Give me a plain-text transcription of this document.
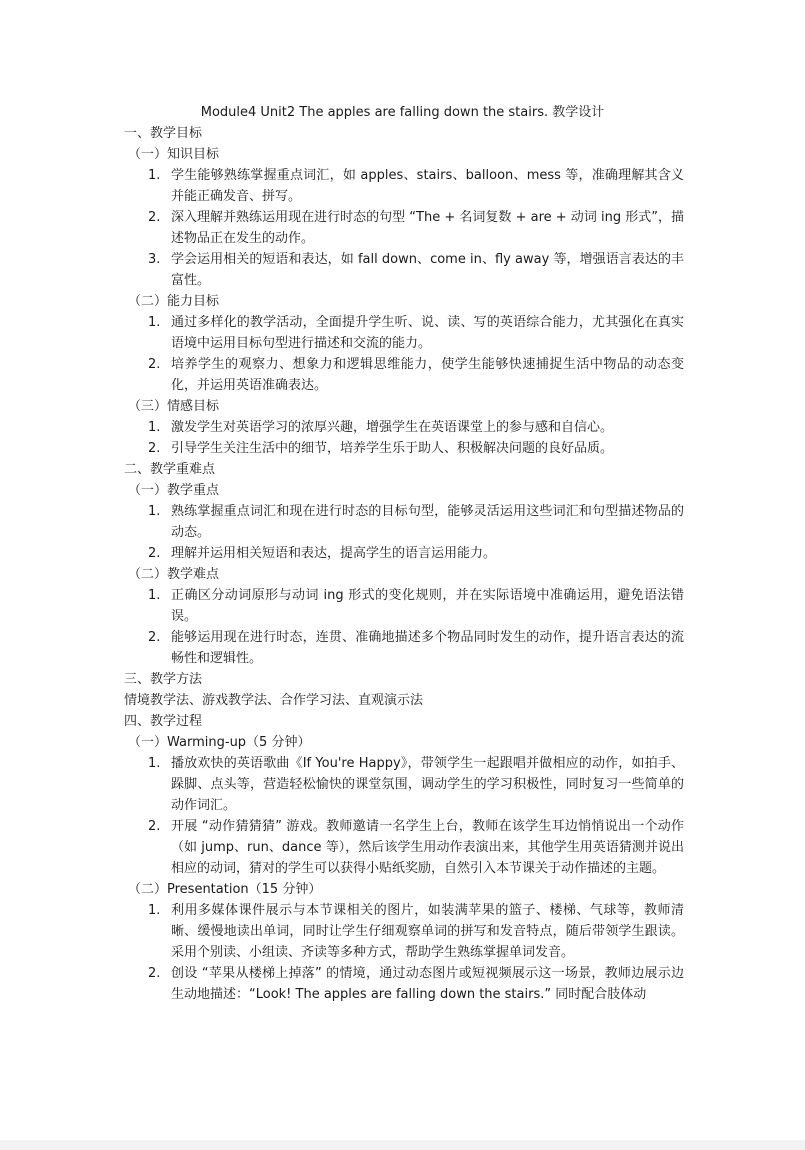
Module4 Unit2 The apples are falling down the stairs. 教学设计
一、教学目标
（一）知识目标
1. 学生能够熟练掌握重点词汇，如 apples、stairs、balloon、mess 等，准确理解其含义并能正确发音、拼写。
2. 深入理解并熟练运用现在进行时态的句型 “The + 名词复数 + are + 动词 ing 形式”，描述物品正在发生的动作。
3. 学会运用相关的短语和表达，如 fall down、come in、fly away 等，增强语言表达的丰富性。
（二）能力目标
1. 通过多样化的教学活动，全面提升学生听、说、读、写的英语综合能力，尤其强化在真实语境中运用目标句型进行描述和交流的能力。
2. 培养学生的观察力、想象力和逻辑思维能力，使学生能够快速捕捉生活中物品的动态变化，并运用英语准确表达。
（三）情感目标
1. 激发学生对英语学习的浓厚兴趣，增强学生在英语课堂上的参与感和自信心。
2. 引导学生关注生活中的细节，培养学生乐于助人、积极解决问题的良好品质。
二、教学重难点
（一）教学重点
1. 熟练掌握重点词汇和现在进行时态的目标句型，能够灵活运用这些词汇和句型描述物品的动态。
2. 理解并运用相关短语和表达，提高学生的语言运用能力。
（二）教学难点
1. 正确区分动词原形与动词 ing 形式的变化规则，并在实际语境中准确运用，避免语法错误。
2. 能够运用现在进行时态，连贯、准确地描述多个物品同时发生的动作，提升语言表达的流畅性和逻辑性。
三、教学方法
情境教学法、游戏教学法、合作学习法、直观演示法
四、教学过程
（一）Warming-up（5 分钟）
1. 播放欢快的英语歌曲《If You're Happy》，带领学生一起跟唱并做相应的动作，如拍手、跺脚、点头等，营造轻松愉快的课堂氛围，调动学生的学习积极性，同时复习一些简单的动作词汇。
2. 开展 “动作猜猜猜” 游戏。教师邀请一名学生上台，教师在该学生耳边悄悄说出一个动作（如 jump、run、dance 等），然后该学生用动作表演出来，其他学生用英语猜测并说出相应的动词，猜对的学生可以获得小贴纸奖励，自然引入本节课关于动作描述的主题。
（二）Presentation（15 分钟）
1. 利用多媒体课件展示与本节课相关的图片，如装满苹果的篮子、楼梯、气球等，教师清晰、缓慢地读出单词，同时让学生仔细观察单词的拼写和发音特点，随后带领学生跟读。采用个别读、小组读、齐读等多种方式，帮助学生熟练掌握单词发音。
2. 创设 “苹果从楼梯上掉落” 的情境，通过动态图片或短视频展示这一场景，教师边展示边生动地描述：“Look! The apples are falling down the stairs.” 同时配合肢体动
